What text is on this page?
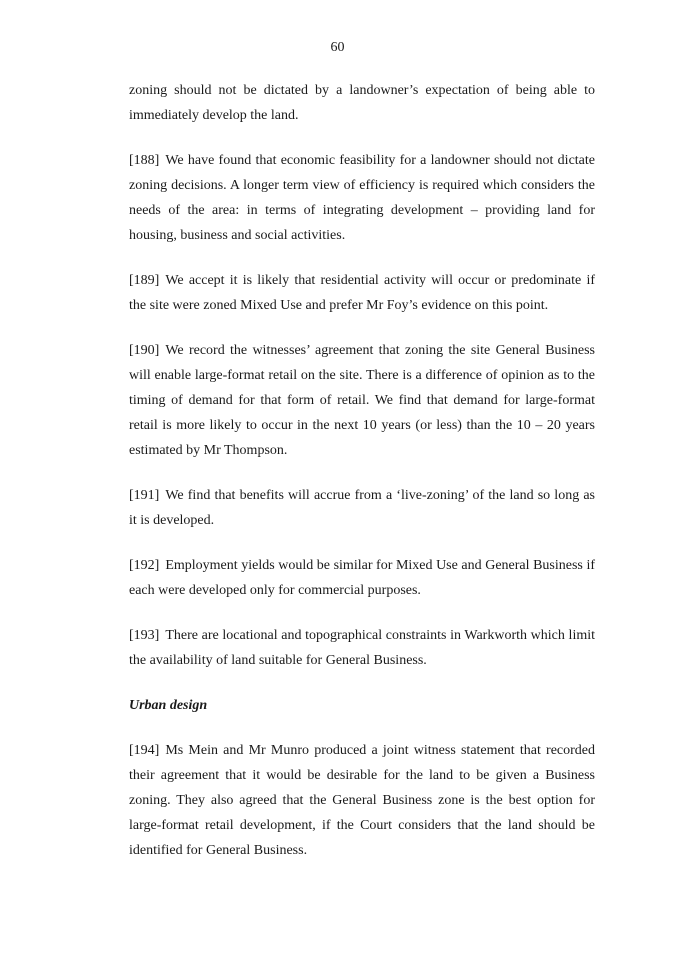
60

zoning should not be dictated by a landowner’s expectation of being able to immediately develop the land.

[188] We have found that economic feasibility for a landowner should not dictate zoning decisions. A longer term view of efficiency is required which considers the needs of the area: in terms of integrating development – providing land for housing, business and social activities.

[189] We accept it is likely that residential activity will occur or predominate if the site were zoned Mixed Use and prefer Mr Foy’s evidence on this point.

[190] We record the witnesses’ agreement that zoning the site General Business will enable large-format retail on the site. There is a difference of opinion as to the timing of demand for that form of retail. We find that demand for large-format retail is more likely to occur in the next 10 years (or less) than the 10 – 20 years estimated by Mr Thompson.

[191] We find that benefits will accrue from a ‘live-zoning’ of the land so long as it is developed.

[192] Employment yields would be similar for Mixed Use and General Business if each were developed only for commercial purposes.

[193] There are locational and topographical constraints in Warkworth which limit the availability of land suitable for General Business.

Urban design

[194] Ms Mein and Mr Munro produced a joint witness statement that recorded their agreement that it would be desirable for the land to be given a Business zoning. They also agreed that the General Business zone is the best option for large-format retail development, if the Court considers that the land should be identified for General Business.
